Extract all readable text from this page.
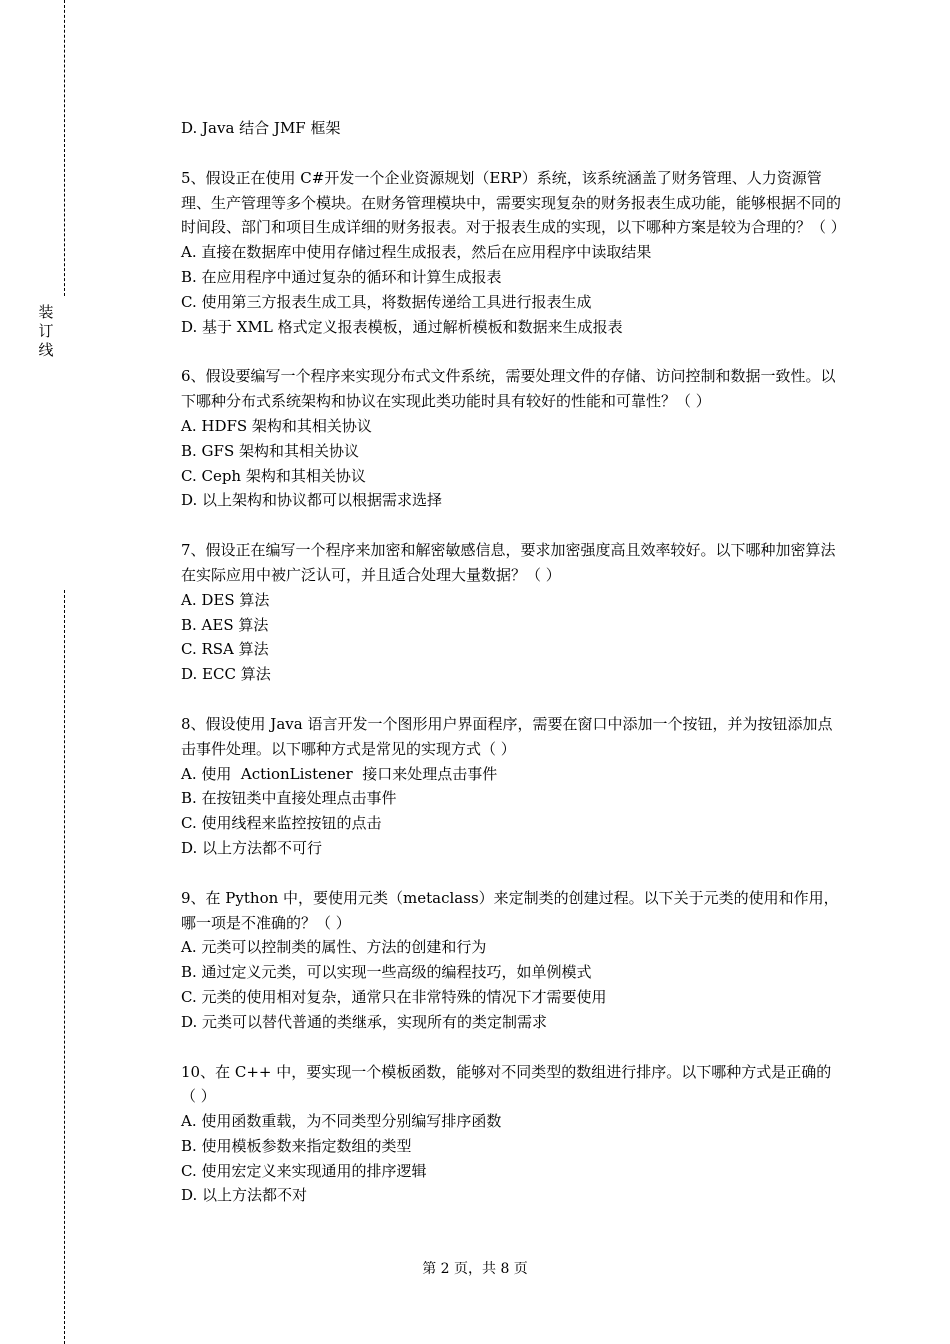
装
订
线
D. Java 结合 JMF 框架
5、假设正在使用 C#开发一个企业资源规划（ERP）系统，该系统涵盖了财务管理、人力资源管理、生产管理等多个模块。在财务管理模块中，需要实现复杂的财务报表生成功能，能够根据不同的时间段、部门和项目生成详细的财务报表。对于报表生成的实现，以下哪种方案是较为合理的？（ ）
A. 直接在数据库中使用存储过程生成报表，然后在应用程序中读取结果
B. 在应用程序中通过复杂的循环和计算生成报表
C. 使用第三方报表生成工具，将数据传递给工具进行报表生成
D. 基于 XML 格式定义报表模板，通过解析模板和数据来生成报表
6、假设要编写一个程序来实现分布式文件系统，需要处理文件的存储、访问控制和数据一致性。以下哪种分布式系统架构和协议在实现此类功能时具有较好的性能和可靠性？（ ）
A. HDFS 架构和其相关协议
B. GFS 架构和其相关协议
C. Ceph 架构和其相关协议
D. 以上架构和协议都可以根据需求选择
7、假设正在编写一个程序来加密和解密敏感信息，要求加密强度高且效率较好。以下哪种加密算法在实际应用中被广泛认可，并且适合处理大量数据？（ ）
A. DES 算法
B. AES 算法
C. RSA 算法
D. ECC 算法
8、假设使用 Java 语言开发一个图形用户界面程序，需要在窗口中添加一个按钮，并为按钮添加点击事件处理。以下哪种方式是常见的实现方式（ ）
A. 使用  ActionListener  接口来处理点击事件
B. 在按钮类中直接处理点击事件
C. 使用线程来监控按钮的点击
D. 以上方法都不可行
9、在 Python 中，要使用元类（metaclass）来定制类的创建过程。以下关于元类的使用和作用，哪一项是不准确的？（ ）
A. 元类可以控制类的属性、方法的创建和行为
B. 通过定义元类，可以实现一些高级的编程技巧，如单例模式
C. 元类的使用相对复杂，通常只在非常特殊的情况下才需要使用
D. 元类可以替代普通的类继承，实现所有的类定制需求
10、在 C++ 中，要实现一个模板函数，能够对不同类型的数组进行排序。以下哪种方式是正确的（ ）
A. 使用函数重载，为不同类型分别编写排序函数
B. 使用模板参数来指定数组的类型
C. 使用宏定义来实现通用的排序逻辑
D. 以上方法都不对
第 2 页，共 8 页
